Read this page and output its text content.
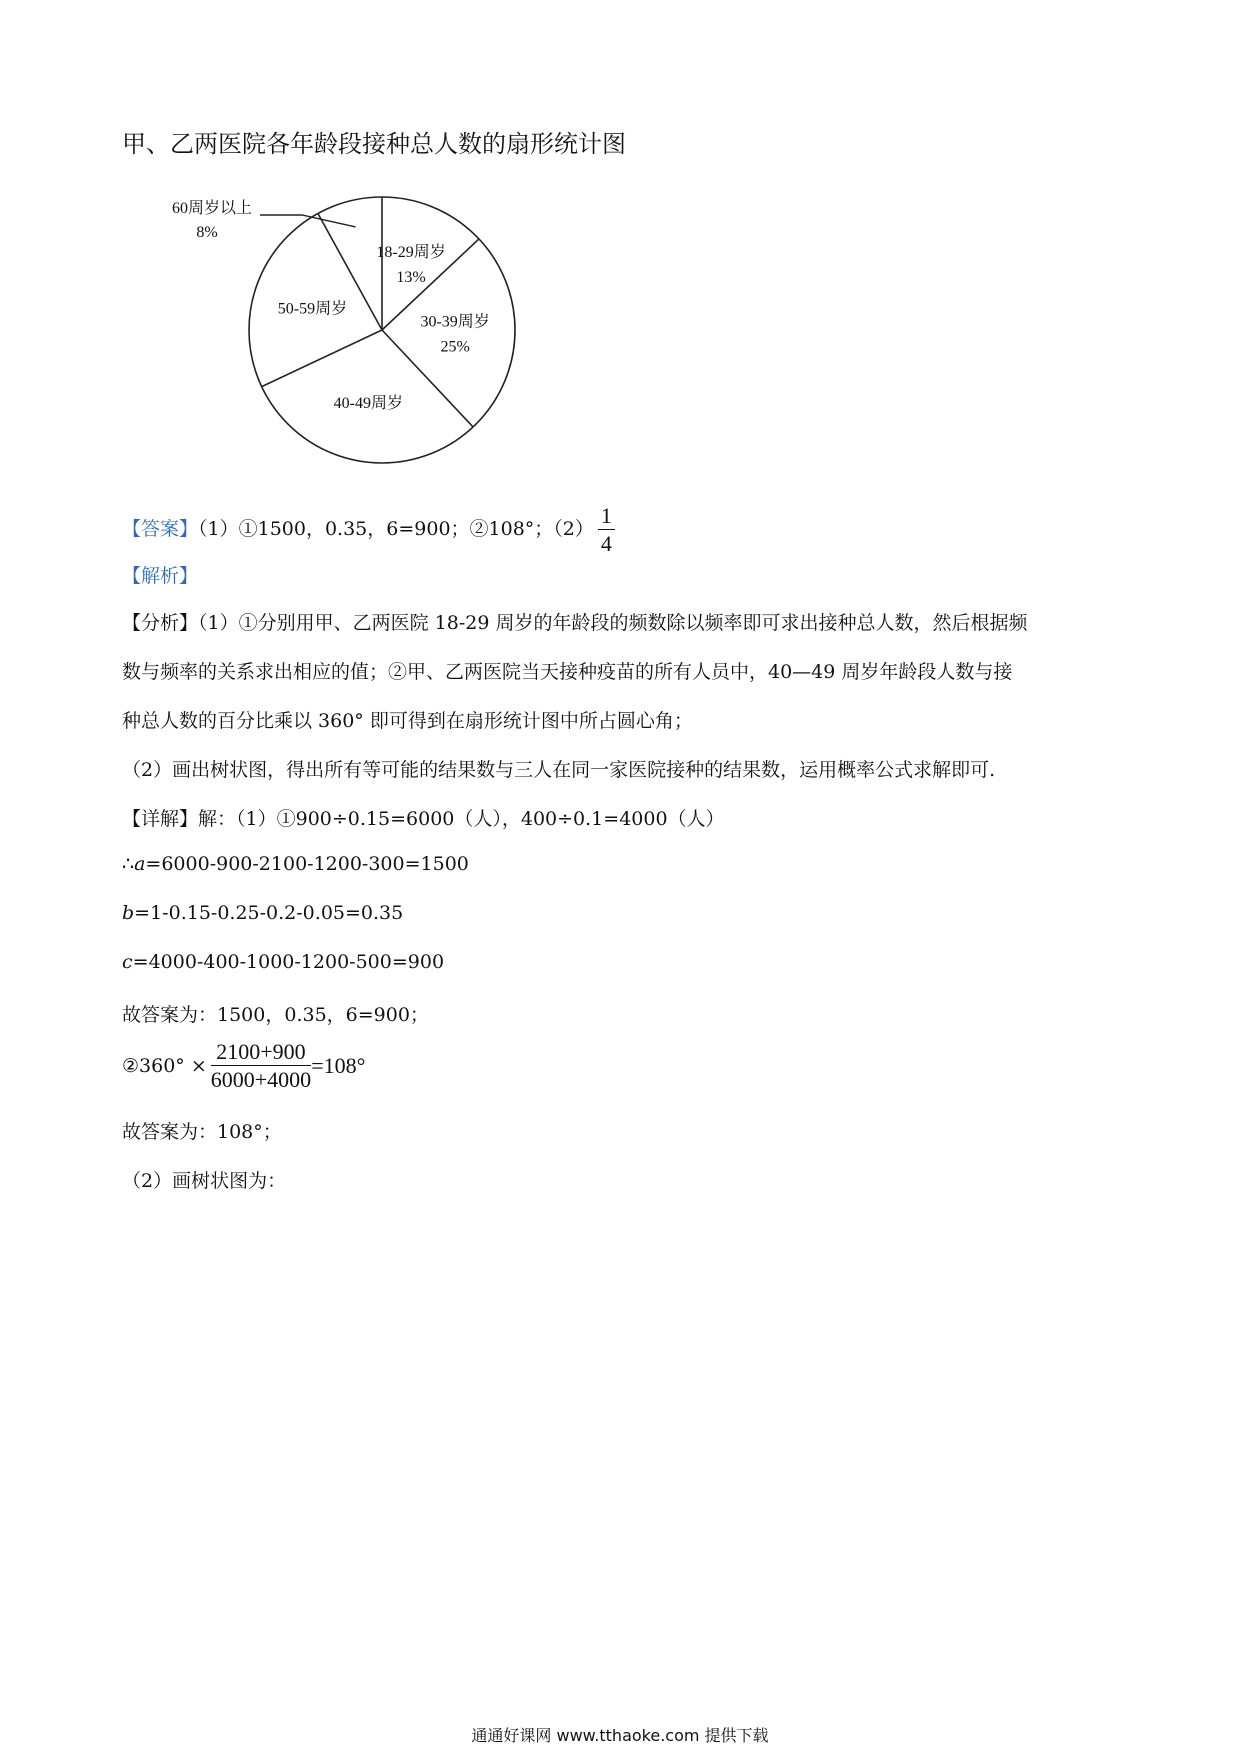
甲、乙两医院各年龄段接种总人数的扇形统计图
18-29周岁
13%
30-39周岁
25%
40-49周岁
50-59周岁
60周岁以上
8%
【答案】（1）①1500，0.35，6=900；②108°；$(2) \frac{1}{4}$
【解析】
【分析】（1）①分别用甲、乙两医院 18-29 周岁的年龄段的频数除以频率即可求出接种总人数，然后根据频
数与频率的关系求出相应的值；②甲、乙两医院当天接种疫苗的所有人员中，40—49 周岁年龄段人数与接
种总人数的百分比乘以 360° 即可得到在扇形统计图中所占圆心角；
（2）画出树状图，得出所有等可能的结果数与三人在同一家医院接种的结果数，运用概率公式求解即可.
【详解】解：（1）①900÷0.15=6000（人），400÷0.1=4000（人）
∴a=6000-900-2100-1200-300=1500
b=1-0.15-0.25-0.2-0.05=0.35
c=4000-400-1000-1200-500=900
故答案为：1500，0.35，6=900；
②360° × $\frac{2100+900}{6000+4000} =108^\circ$
故答案为：108°；
（2）画树状图为：
通通好课网 www.tthaoke.com 提供下载
